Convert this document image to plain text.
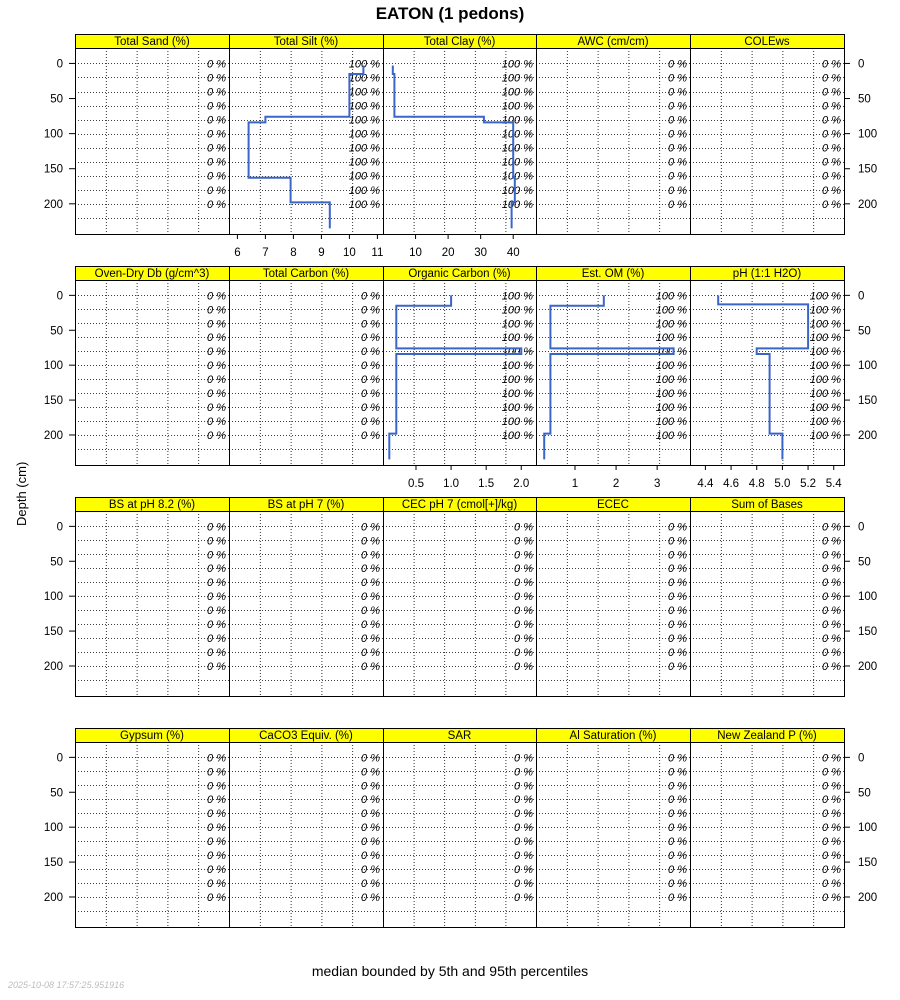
Total Sand (%)
0 %
0 %
0 %
0 %
0 %
0 %
0 %
0 %
0 %
0 %
0 %
Total Silt (%)
100 %
100 %
100 %
100 %
100 %
100 %
100 %
100 %
100 %
100 %
100 %
6 7 8 9 10 11
Total Clay (%)
100 %
100 %
100 %
100 %
100 %
100 %
100 %
100 %
100 %
100 %
100 %
10 20 30 40
AWC (cm/cm)
0 %
0 %
0 %
0 %
0 %
0 %
0 %
0 %
0 %
0 %
0 %
COLEws
0 %
0 %
0 %
0 %
0 %
0 %
0 %
0 %
0 %
0 %
0 %
Oven-Dry Db (g/cm^3)
0 %
0 %
0 %
0 %
0 %
0 %
0 %
0 %
0 %
0 %
0 %
Total Carbon (%)
0 %
0 %
0 %
0 %
0 %
0 %
0 %
0 %
0 %
0 %
0 %
Organic Carbon (%)
100 %
100 %
100 %
100 %
100 %
100 %
100 %
100 %
100 %
100 %
100 %
0.5 1.0 1.5 2.0
Est. OM (%)
100 %
100 %
100 %
100 %
100 %
100 %
100 %
100 %
100 %
100 %
100 %
1	2	3
pH (1:1 H2O)
100 %
100 %
100 %
100 %
100 %
100 %
100 %
100 %
100 %
100 %
100 %
4.4 4.6 4.8 5.0 5.2 5.4
BS at pH 8.2 (%)
0 %
0 %
0 %
0 %
0 %
0 %
0 %
0 %
0 %
0 %
0 %
BS at pH 7 (%)
0 %
0 %
0 %
0 %
0 %
0 %
0 %
0 %
0 %
0 %
0 %
CEC pH 7 (cmol[+]/kg)
0 %
0 %
0 %
0 %
0 %
0 %
0 %
0 %
0 %
0 %
0 %
ECEC
0 %
0 %
0 %
0 %
0 %
0 %
0 %
0 %
0 %
0 %
0 %
Sum of Bases
0 %
0 %
0 %
0 %
0 %
0 %
0 %
0 %
0 %
0 %
0 %
Gypsum (%)
0 %
0 %
0 %
0 %
0 %
0 %
0 %
0 %
0 %
0 %
0 %
CaCO3 Equiv. (%)
0 %
0 %
0 %
0 %
0 %
0 %
0 %
0 %
0 %
0 %
0 %
SAR
0 %
0 %
0 %
0 %
0 %
0 %
0 %
0 %
0 %
0 %
0 %
Al Saturation (%)
0 %
0 %
0 %
0 %
0 %
0 %
0 %
0 %
0 %
0 %
0 %
New Zealand P (%)
0 %
0 %
0 %
0 %
0 %
0 %
0 %
0 %
0 %
0 %
0 %
0	0
50	50
100	100
150	150
200	200
0	0
50	50
100	100
150	150
200	200
0	0
50	50
100	100
150	150
200	200
0	0
50	50
100	100
150	150
200	200
EATON (1 pedons)
Depth (cm)
median bounded by 5th and 95th percentiles
2025-10-08 17:57:25.951916
